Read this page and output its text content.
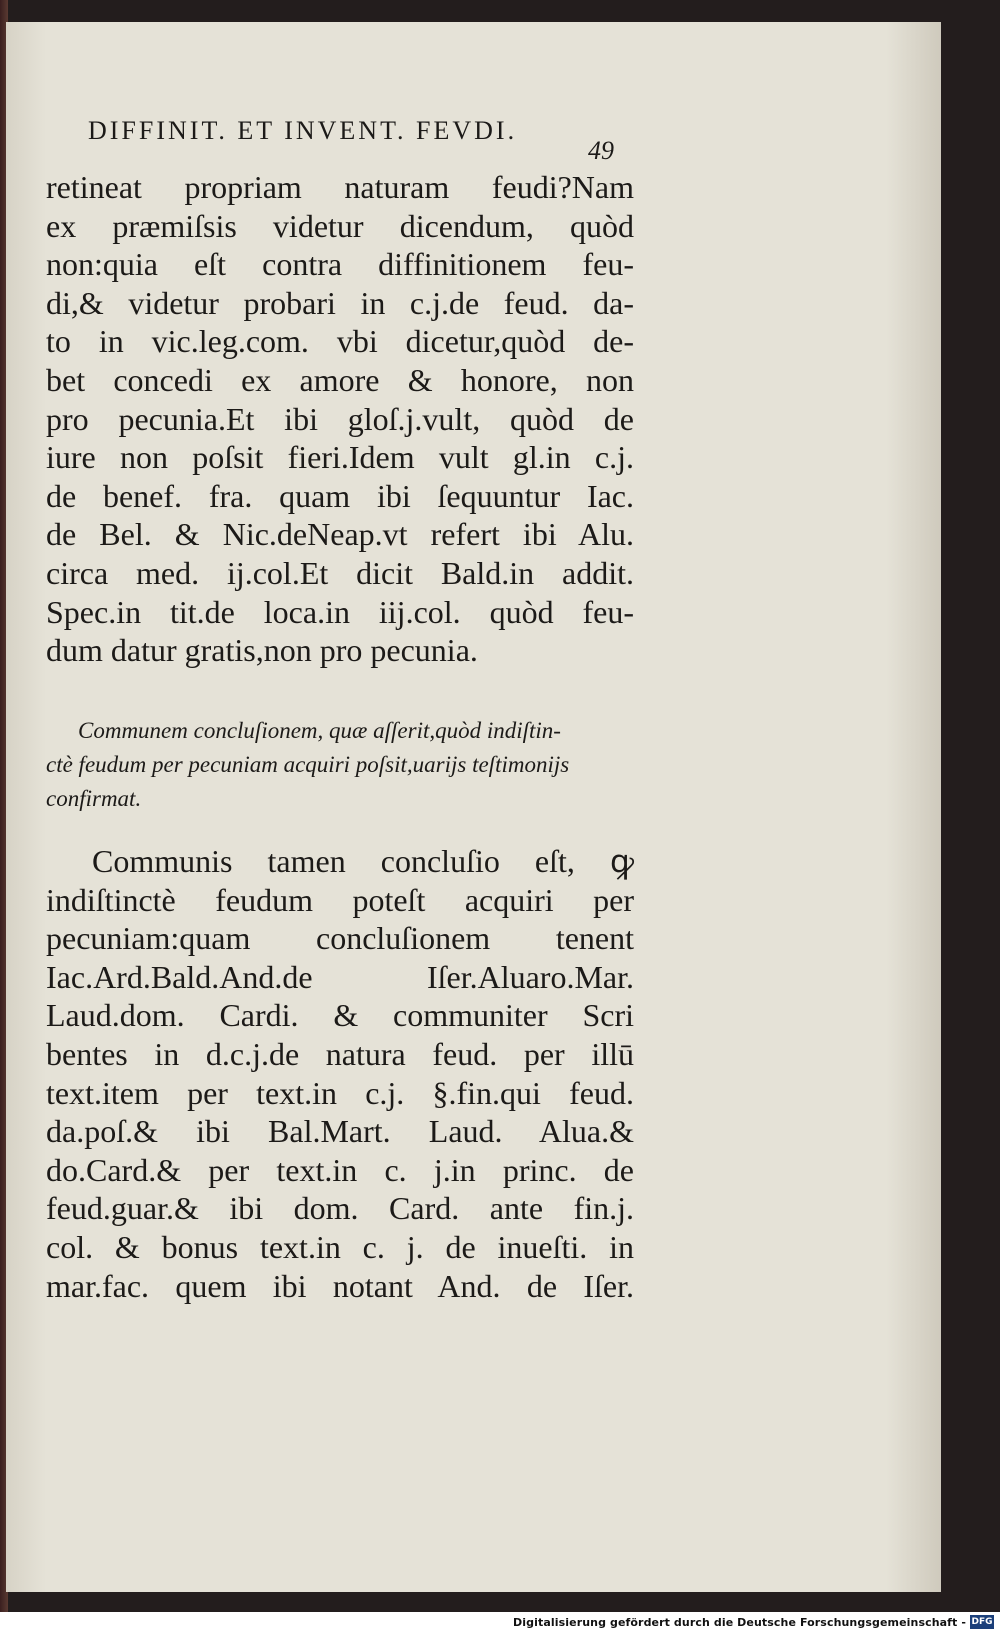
DIFFINIT. ET INVENT. FEVDI.
49
retineat propriam naturam feudi?Nam
ex præmiſsis videtur dicendum, quòd
non:quia eſt contra diffinitionem feu-
di,& videtur probari in c.j.de feud. da-
to in vic.leg.com. vbi dicetur,quòd de-
bet concedi ex amore & honore, non
pro pecunia.Et ibi gloſ.j.vult, quòd de
iure non poſsit fieri.Idem vult gl.in c.j.
de benef. fra. quam ibi ſequuntur Iac.
de Bel. & Nic.deNeap.vt refert ibi Alu.
circa med. ij.col.Et dicit Bald.in addit.
Spec.in tit.de loca.in iij.col. quòd feu-
dum datur gratis,non pro pecunia.
Communem concluſionem, quæ aſſerit,quòd indiſtin-
ctè feudum per pecuniam acquiri poſsit,uarijs teſtimonijs
confirmat.
Communis tamen concluſio eſt, ꝙ
indiſtinctè feudum poteſt acquiri per
pecuniam:quam concluſionem tenent
Iac.Ard.Bald.And.de Iſer.Aluaro.Mar.
Laud.dom. Cardi. & communiter Scri
bentes in d.c.j.de natura feud. per illū
text.item per text.in c.j. §.fin.qui feud.
da.poſ.& ibi Bal.Mart. Laud. Alua.&
do.Card.& per text.in c. j.in princ. de
feud.guar.& ibi dom. Card. ante fin.j.
col. & bonus text.in c. j. de inueſti. in
mar.fac. quem ibi notant And. de Iſer.
Digitalisierung gefördert durch die Deutsche Forschungsgemeinschaft - DFG
